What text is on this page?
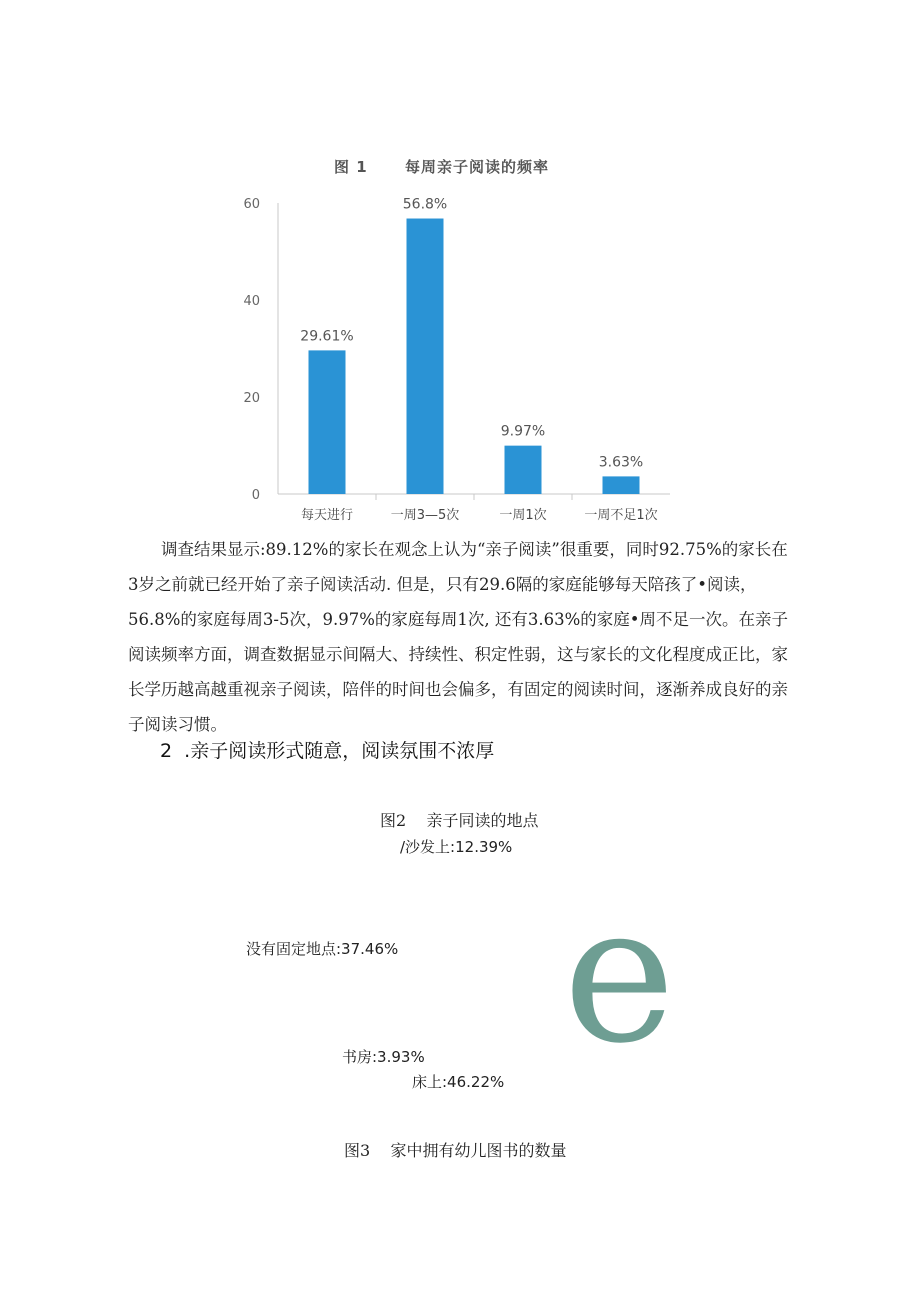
图 1      每周亲子阅读的频率
0
20
40
60
29.61%
每天进行
56.8%
一周3—5次
9.97%
一周1次
3.63%
一周不足1次

调查结果显示:89.12%的家长在观念上认为“亲子阅读”很重要，同时92.75%的家长在3岁之前就已经开始了亲子阅读活动. 但是，只有29.6隔的家庭能够每天陪孩了•阅读，56.8%的家庭每周3-5次，9.97%的家庭每周1次, 还有3.63%的家庭•周不足一次。在亲子阅读频率方面，调查数据显示间隔大、持续性、积定性弱，这与家长的文化程度成正比，家长学历越高越重视亲子阅读，陪伴的时间也会偏多，有固定的阅读时间，逐渐养成良好的亲子阅读习惯。

2  .亲子阅读形式随意，阅读氛围不浓厚
图2    亲子同读的地点
/沙发上:12.39%
没有固定地点:37.46% e
书房:3.93%
床上:46.22%
图3    家中拥有幼儿图书的数量
